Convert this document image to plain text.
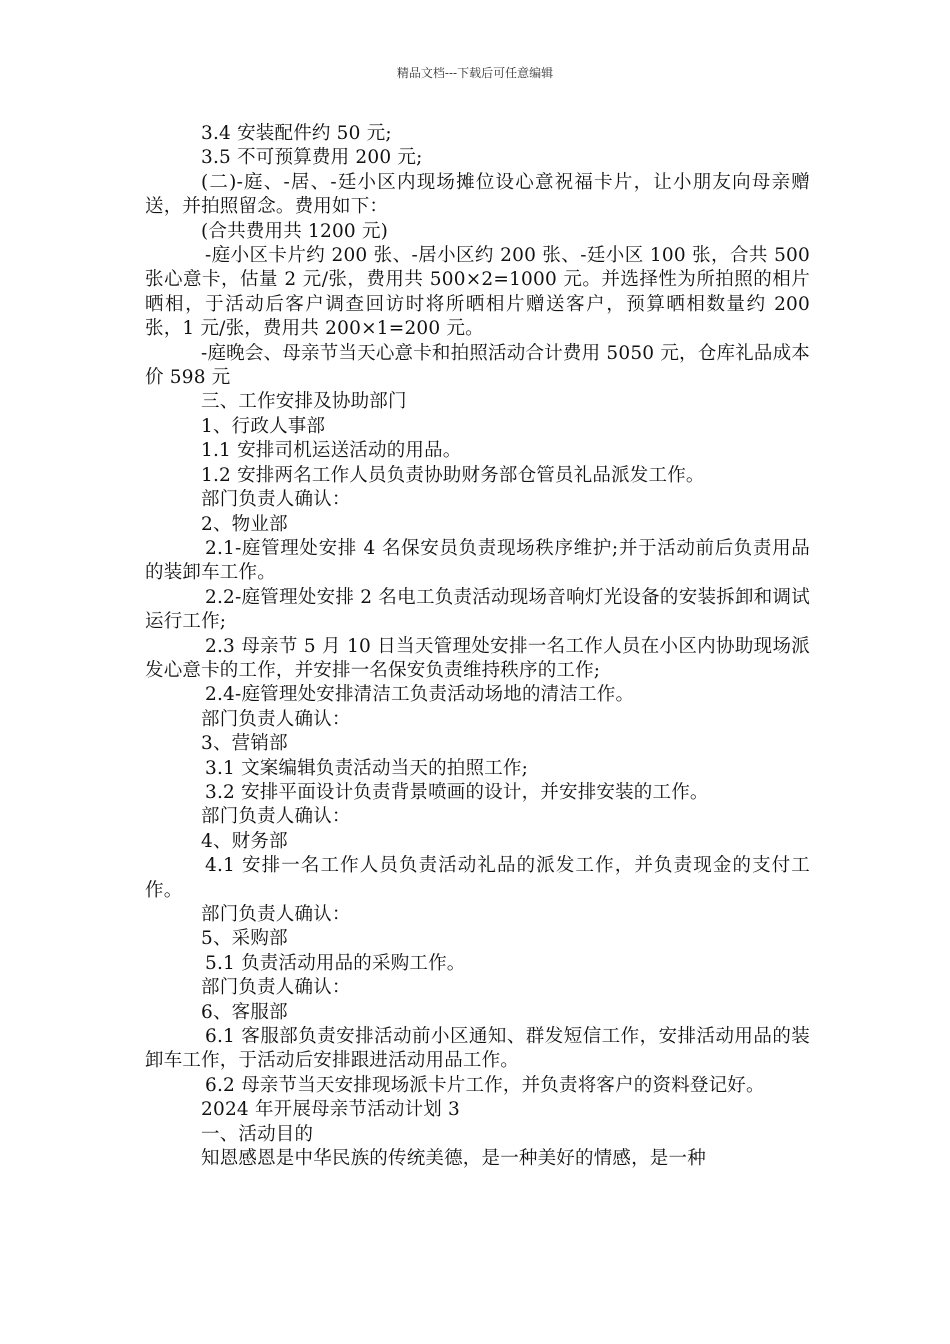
精品文档---下载后可任意编辑

3.4 安装配件约 50 元;

3.5 不可预算费用 200 元;

(二)-庭、-居、-廷小区内现场摊位设心意祝福卡片，让小朋友向母亲赠送，并拍照留念。费用如下：

(合共费用共 1200 元)

-庭小区卡片约 200 张、-居小区约 200 张、-廷小区 100 张，合共 500 张心意卡，估量 2 元/张，费用共 500×2=1000 元。并选择性为所拍照的相片晒相，于活动后客户调查回访时将所晒相片赠送客户，预算晒相数量约 200 张，1 元/张，费用共 200×1=200 元。

-庭晚会、母亲节当天心意卡和拍照活动合计费用 5050 元，仓库礼品成本价 598 元

三、工作安排及协助部门

1、行政人事部

1.1 安排司机运送活动的用品。

1.2 安排两名工作人员负责协助财务部仓管员礼品派发工作。

部门负责人确认：

2、物业部

2.1-庭管理处安排 4 名保安员负责现场秩序维护;并于活动前后负责用品的装卸车工作。

2.2-庭管理处安排 2 名电工负责活动现场音响灯光设备的安装拆卸和调试运行工作;

2.3 母亲节 5 月 10 日当天管理处安排一名工作人员在小区内协助现场派发心意卡的工作，并安排一名保安负责维持秩序的工作;

2.4-庭管理处安排清洁工负责活动场地的清洁工作。

部门负责人确认：

3、营销部

3.1 文案编辑负责活动当天的拍照工作;

3.2 安排平面设计负责背景喷画的设计，并安排安装的工作。

部门负责人确认：

4、财务部

4.1 安排一名工作人员负责活动礼品的派发工作，并负责现金的支付工作。

部门负责人确认：

5、采购部

5.1 负责活动用品的采购工作。

部门负责人确认：

6、客服部

6.1 客服部负责安排活动前小区通知、群发短信工作，安排活动用品的装卸车工作，于活动后安排跟进活动用品工作。

6.2 母亲节当天安排现场派卡片工作，并负责将客户的资料登记好。

2024 年开展母亲节活动计划 3

一、活动目的

知恩感恩是中华民族的传统美德，是一种美好的情感，是一种
